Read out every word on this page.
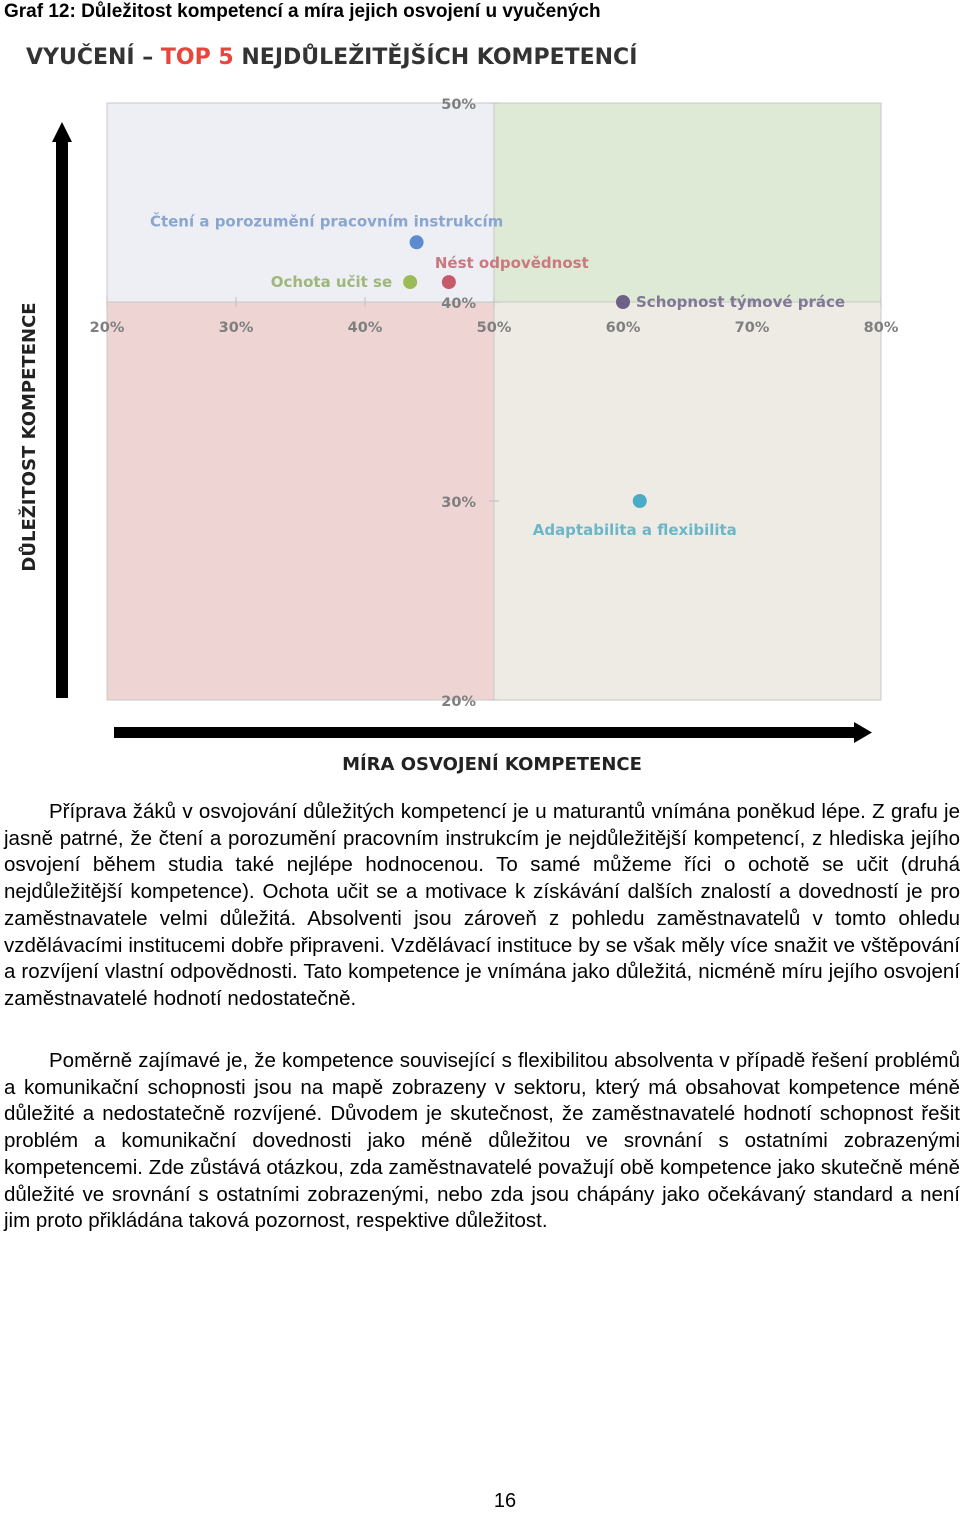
Graf 12: Důležitost kompetencí a míra jejich osvojení u vyučených
VYUČENÍ – TOP 5 NEJDŮLEŽITĚJŠÍCH KOMPETENCÍ
20%	30%	40%	50%	60%	70%	80%
50%
40%
30%
20%
Čtení a porozumění pracovním instrukcím
Nést odpovědnost
Ochota učit se
Schopnost týmové práce
Adaptabilita a flexibilita
DŮLEŽITOST KOMPETENCE
MÍRA OSVOJENÍ KOMPETENCE
Příprava žáků v osvojování důležitých kompetencí je u maturantů vnímána poněkud lépe. Z grafu je jasně patrné, že čtení a porozumění pracovním instrukcím je nejdůležitější kompetencí, z hlediska jejího osvojení během studia také nejlépe hodnocenou. To samé můžeme říci o ochotě se učit (druhá nejdůležitější kompetence). Ochota učit se a motivace k získávání dalších znalostí a dovedností je pro zaměstnavatele velmi důležitá. Absolventi jsou zároveň z pohledu zaměstnavatelů v tomto ohledu vzdělávacími institucemi dobře připraveni. Vzdělávací instituce by se však měly více snažit ve vštěpování a rozvíjení vlastní odpovědnosti. Tato kompetence je vnímána jako důležitá, nicméně míru jejího osvojení zaměstnavatelé hodnotí nedostatečně.
Poměrně zajímavé je, že kompetence související s flexibilitou absolventa v případě řešení problémů a komunikační schopnosti jsou na mapě zobrazeny v sektoru, který má obsahovat kompetence méně důležité a nedostatečně rozvíjené. Důvodem je skutečnost, že zaměstnavatelé hodnotí schopnost řešit problém a komunikační dovednosti jako méně důležitou ve srovnání s ostatními zobrazenými kompetencemi. Zde zůstává otázkou, zda zaměstnavatelé považují obě kompetence jako skutečně méně důležité ve srovnání s ostatními zobrazenými, nebo zda jsou chápány jako očekávaný standard a není jim proto přikládána taková pozornost, respektive důležitost.
16
